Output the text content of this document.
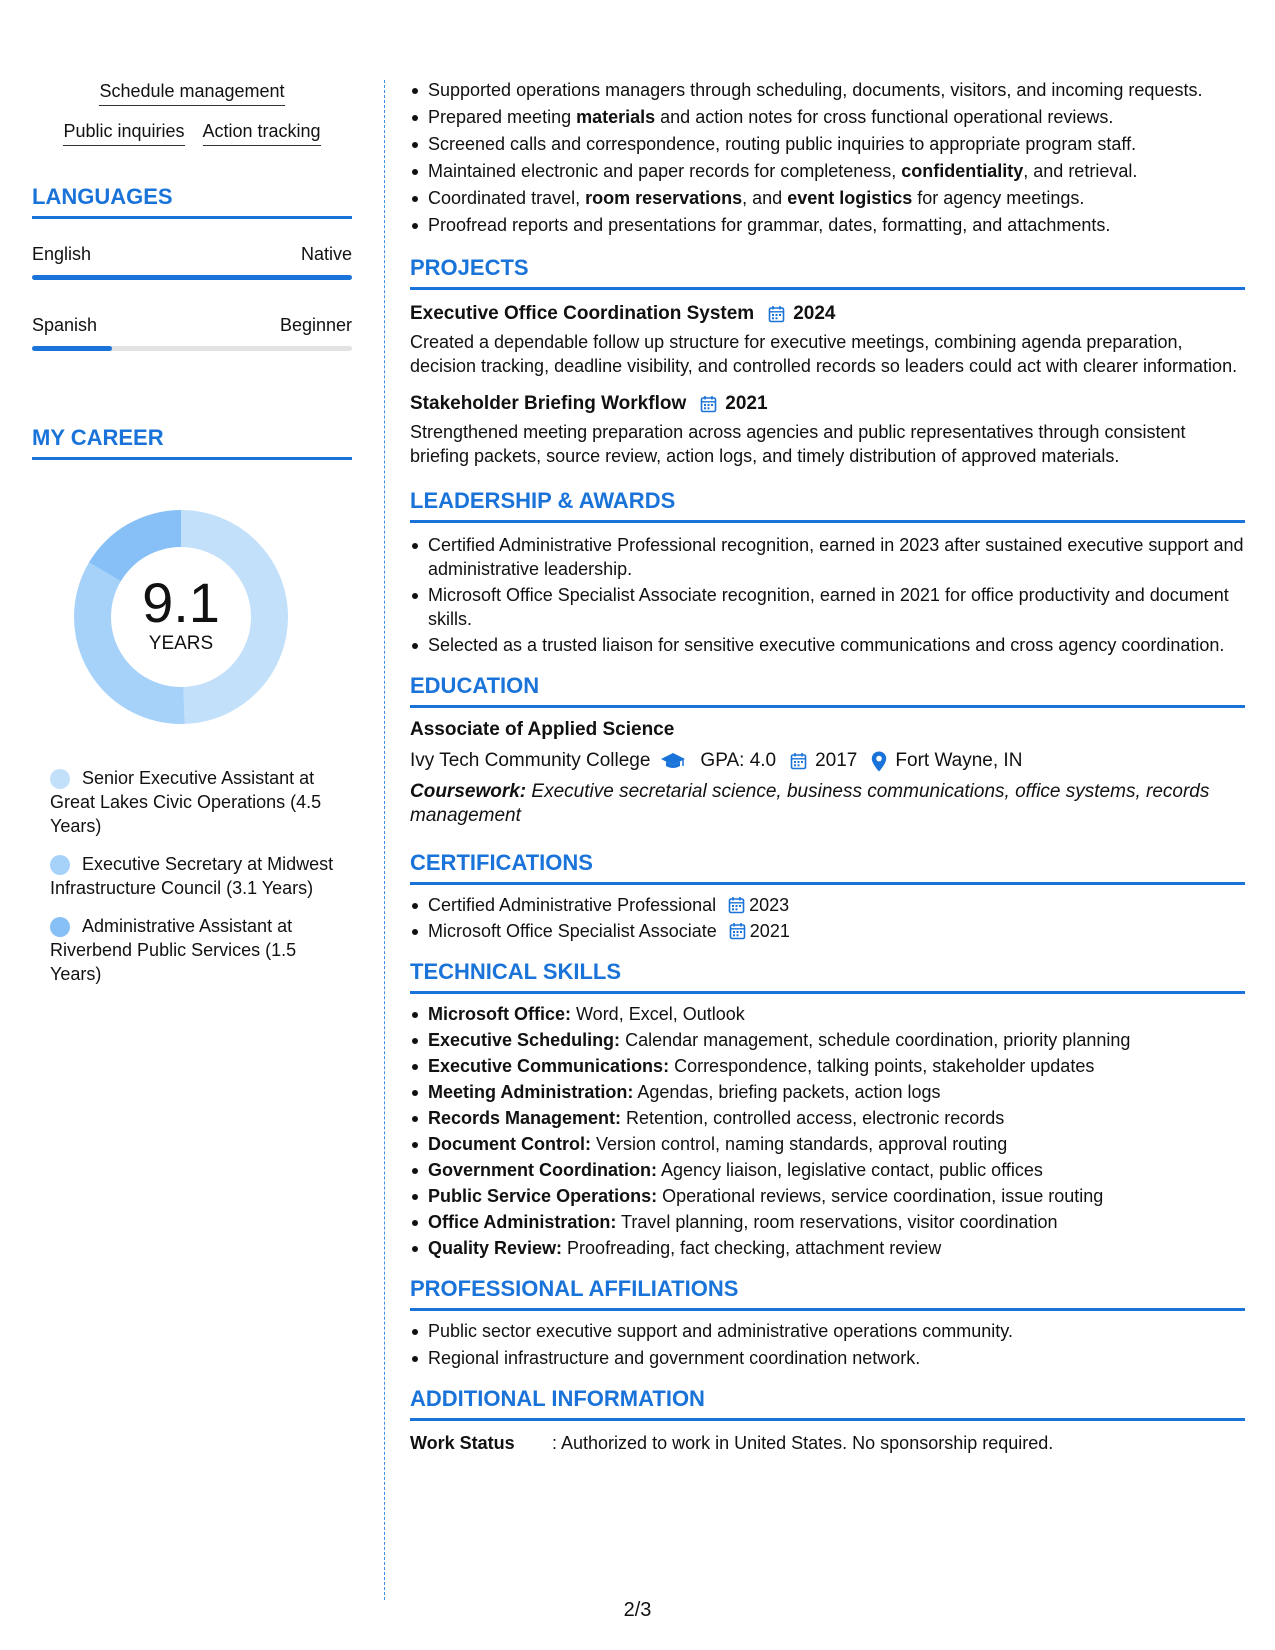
Schedule management
Public inquiries Action tracking
LANGUAGES
English	Native
Spanish	Beginner
MY CAREER
9.1
YEARS
Senior Executive Assistant at Great Lakes Civic Operations (4.5 Years)
Executive Secretary at Midwest Infrastructure Council (3.1 Years)
Administrative Assistant at Riverbend Public Services (1.5 Years)
Supported operations managers through scheduling, documents, visitors, and incoming requests.
Prepared meeting materials and action notes for cross functional operational reviews.
Screened calls and correspondence, routing public inquiries to appropriate program staff.
Maintained electronic and paper records for completeness, confidentiality, and retrieval.
Coordinated travel, room reservations, and event logistics for agency meetings.
Proofread reports and presentations for grammar, dates, formatting, and attachments.
PROJECTS
Executive Office Coordination System 2024
Created a dependable follow up structure for executive meetings, combining agenda preparation, decision tracking, deadline visibility, and controlled records so leaders could act with clearer information.
Stakeholder Briefing Workflow 2021
Strengthened meeting preparation across agencies and public representatives through consistent briefing packets, source review, action logs, and timely distribution of approved materials.
LEADERSHIP & AWARDS
Certified Administrative Professional recognition, earned in 2023 after sustained executive support and administrative leadership.
Microsoft Office Specialist Associate recognition, earned in 2021 for office productivity and document skills.
Selected as a trusted liaison for sensitive executive communications and cross agency coordination.
EDUCATION
Associate of Applied Science
Ivy Tech Community College	GPA: 4.0 2017 Fort Wayne, IN
Coursework: Executive secretarial science, business communications, office systems, records management
CERTIFICATIONS
Certified Administrative Professional 2023
Microsoft Office Specialist Associate 2021
TECHNICAL SKILLS
Microsoft Office: Word, Excel, Outlook
Executive Scheduling: Calendar management, schedule coordination, priority planning
Executive Communications: Correspondence, talking points, stakeholder updates
Meeting Administration: Agendas, briefing packets, action logs
Records Management: Retention, controlled access, electronic records
Document Control: Version control, naming standards, approval routing
Government Coordination: Agency liaison, legislative contact, public offices
Public Service Operations: Operational reviews, service coordination, issue routing
Office Administration: Travel planning, room reservations, visitor coordination
Quality Review: Proofreading, fact checking, attachment review
PROFESSIONAL AFFILIATIONS
Public sector executive support and administrative operations community.
Regional infrastructure and government coordination network.
ADDITIONAL INFORMATION
Work Status	: Authorized to work in United States. No sponsorship required.
2/3
